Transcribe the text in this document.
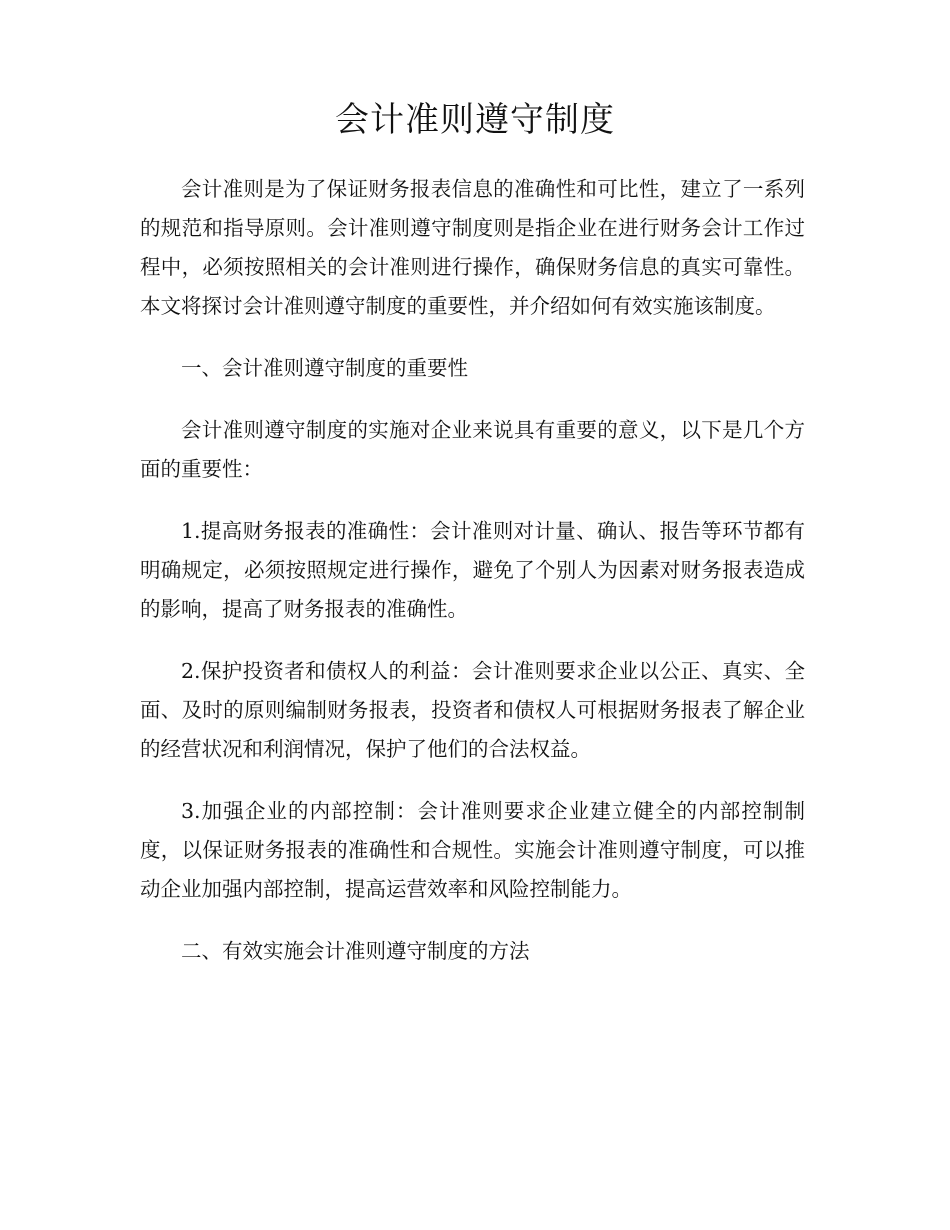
会计准则遵守制度

会计准则是为了保证财务报表信息的准确性和可比性，建立了一系列的规范和指导原则。会计准则遵守制度则是指企业在进行财务会计工作过程中，必须按照相关的会计准则进行操作，确保财务信息的真实可靠性。本文将探讨会计准则遵守制度的重要性，并介绍如何有效实施该制度。

一、会计准则遵守制度的重要性

会计准则遵守制度的实施对企业来说具有重要的意义，以下是几个方面的重要性：

1.提高财务报表的准确性：会计准则对计量、确认、报告等环节都有明确规定，必须按照规定进行操作，避免了个别人为因素对财务报表造成的影响，提高了财务报表的准确性。

2.保护投资者和债权人的利益：会计准则要求企业以公正、真实、全面、及时的原则编制财务报表，投资者和债权人可根据财务报表了解企业的经营状况和利润情况，保护了他们的合法权益。

3.加强企业的内部控制：会计准则要求企业建立健全的内部控制制度，以保证财务报表的准确性和合规性。实施会计准则遵守制度，可以推动企业加强内部控制，提高运营效率和风险控制能力。

二、有效实施会计准则遵守制度的方法
